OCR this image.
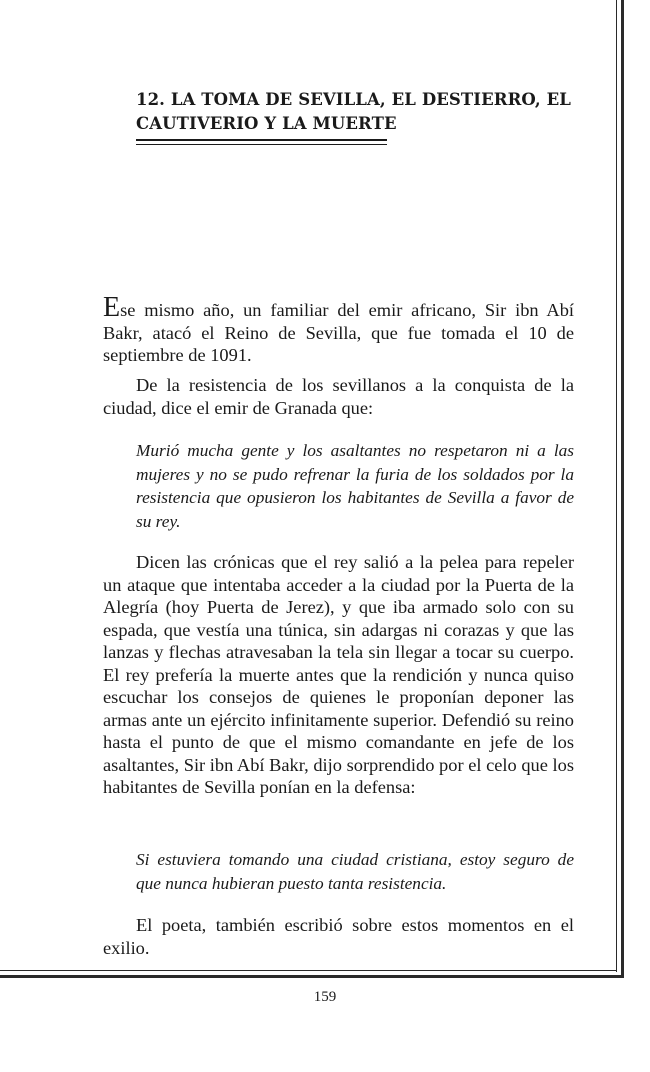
12. LA TOMA DE SEVILLA, EL DESTIERRO, EL CAUTIVERIO Y LA MUERTE

Ese mismo año, un familiar del emir africano, Sir ibn Abí Bakr, atacó el Reino de Sevilla, que fue tomada el 10 de septiembre de 1091.

De la resistencia de los sevillanos a la conquista de la ciudad, dice el emir de Granada que:

Murió mucha gente y los asaltantes no respetaron ni a las mujeres y no se pudo refrenar la furia de los soldados por la resistencia que opusieron los habitantes de Sevilla a favor de su rey.

Dicen las crónicas que el rey salió a la pelea para repeler un ataque que intentaba acceder a la ciudad por la Puerta de la Alegría (hoy Puerta de Jerez), y que iba armado solo con su espada, que vestía una túnica, sin adargas ni corazas y que las lanzas y flechas atravesaban la tela sin llegar a tocar su cuerpo. El rey prefería la muerte antes que la rendición y nunca quiso escuchar los consejos de quienes le proponían deponer las armas ante un ejército infinitamente superior. Defendió su reino hasta el punto de que el mismo comandante en jefe de los asaltantes, Sir ibn Abí Bakr, dijo sorprendido por el celo que los habitantes de Sevilla ponían en la defensa:

Si estuviera tomando una ciudad cristiana, estoy seguro de que nunca hubieran puesto tanta resistencia.

El poeta, también escribió sobre estos momentos en el exilio.

159
